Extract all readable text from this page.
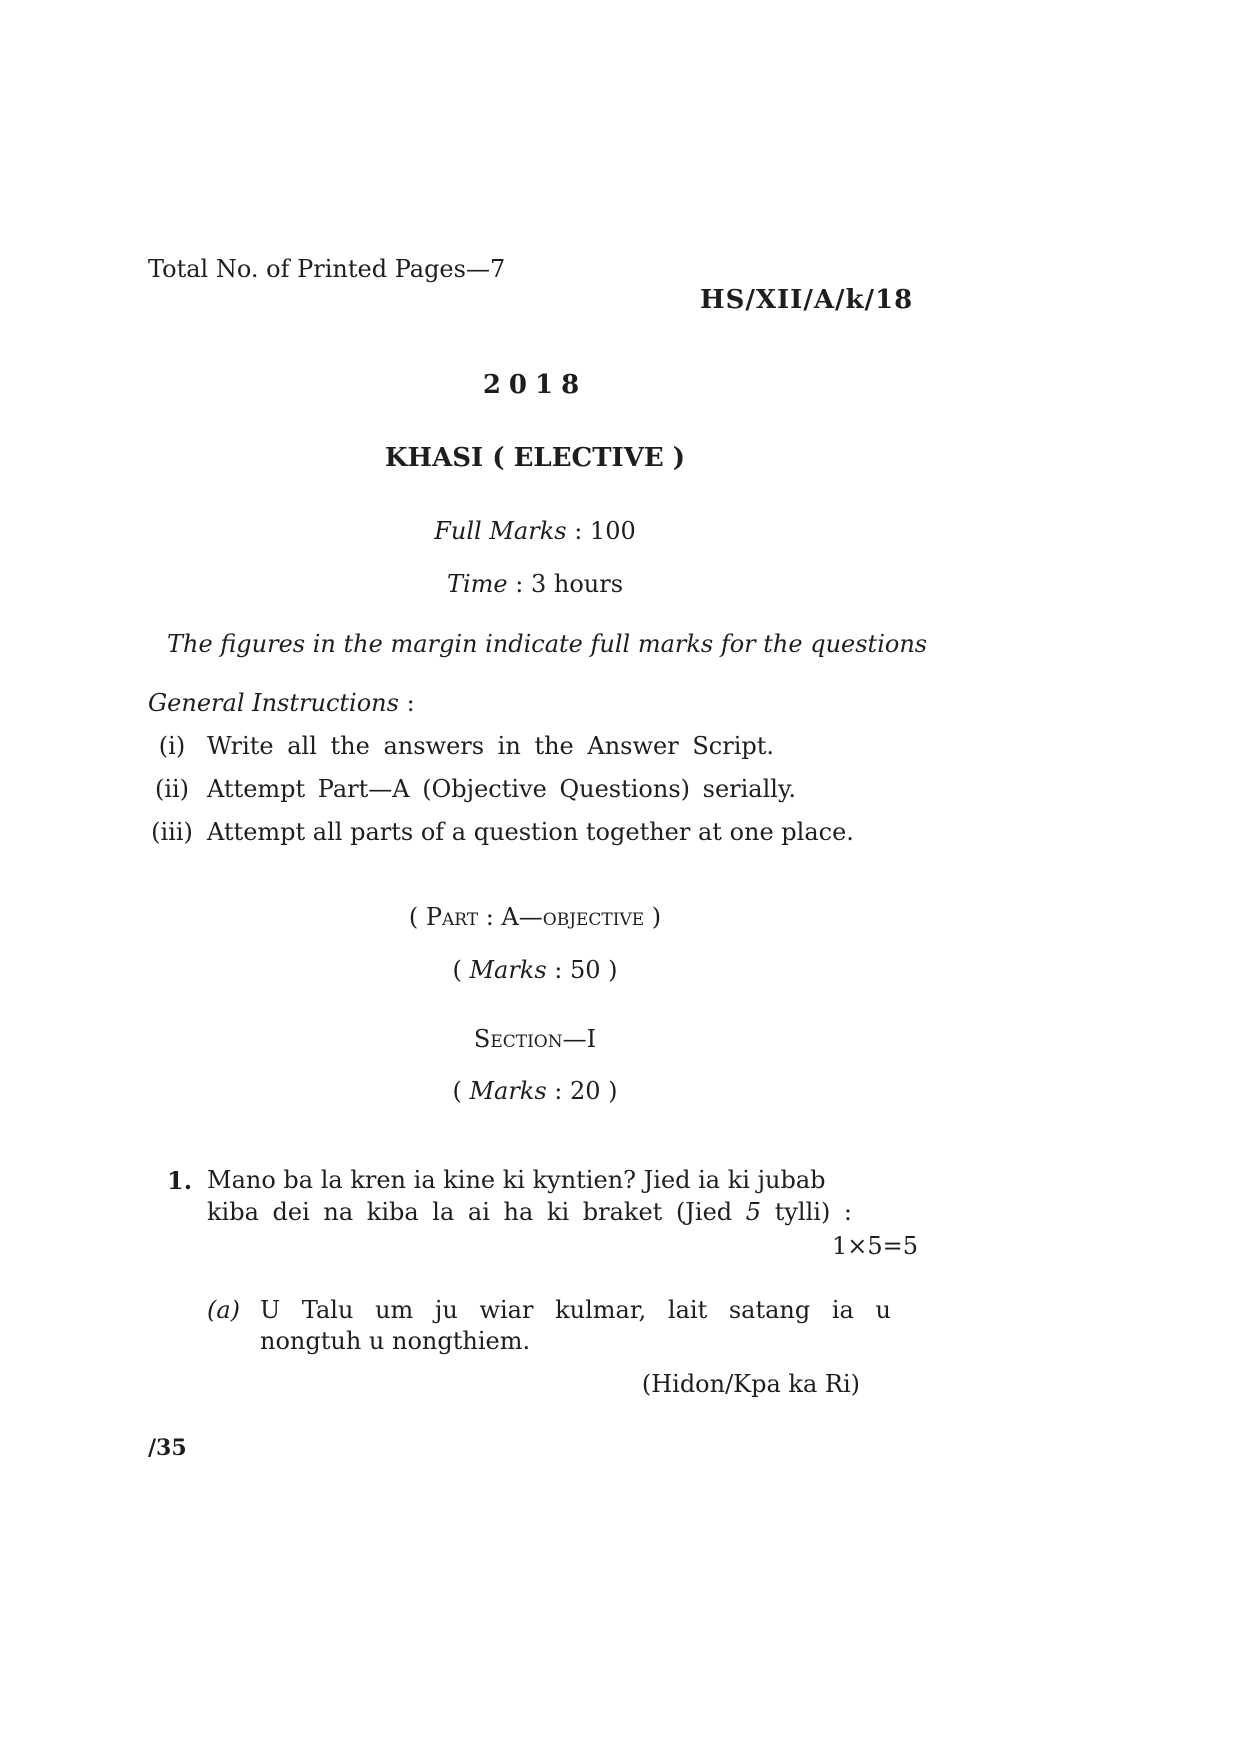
Total No. of Printed Pages—7
HS/XII/A/k/18
2018
KHASI ( ELECTIVE )
Full Marks : 100
Time : 3 hours
The figures in the margin indicate full marks for the questions
General Instructions :
(i) Write all the answers in the Answer Script.
(ii) Attempt Part—A (Objective Questions) serially.
(iii) Attempt all parts of a question together at one place.
( Part : A—objective )
( Marks : 50 )
Section—I
( Marks : 20 )
1. Mano ba la kren ia kine ki kyntien? Jied ia ki jubab
kiba dei na kiba la ai ha ki braket (Jied 5 tylli) :
1×5=5
(a) U Talu um ju wiar kulmar, lait satang ia u
nongtuh u nongthiem.
(Hidon/Kpa ka Ri)
/35
